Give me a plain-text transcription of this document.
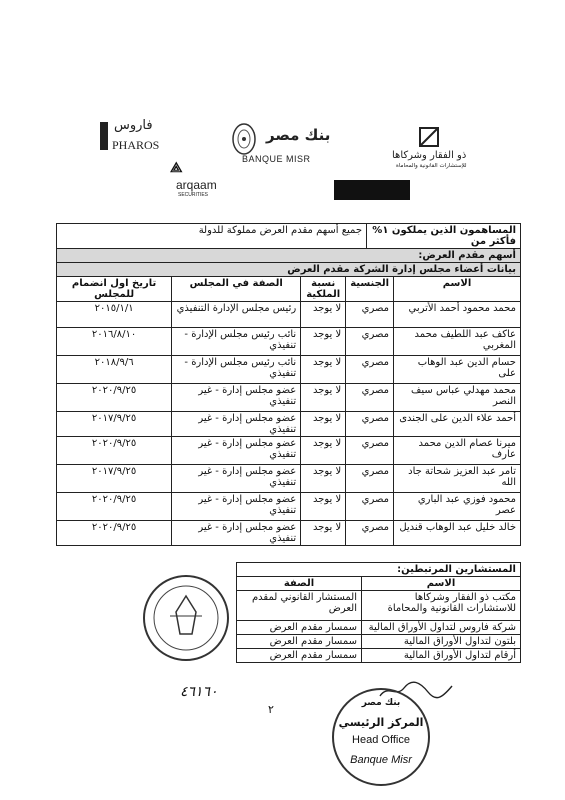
فاروس
PHAROS
بنك مصر
BANQUE MISR	ذو الفقار وشركاها
للإستشارات القانونية والمحاماة
⟁
arqaam
SECURITIES
المساهمون الذين يملكون ١% فأكثر من	جميع أسهم مقدم العرض مملوكة للدولة
أسهم مقدم العرض:
بيانات أعضاء مجلس إدارة الشركة مقدم العرض				
الاسم	الجنسية	نسبة الملكية	الصفة في المجلس	تاريخ اول انضمام للمجلس
محمد محمود أحمد الأتربي	مصري	لا يوجد	رئيس مجلس الإدارة التنفيذي	٢٠١٥/١/١
عاكف عبد اللطيف محمد المغربي	مصري	لا يوجد	نائب رئيس مجلس الإدارة - تنفيذي	٢٠١٦/٨/١٠
حسام الدين عبد الوهاب على	مصري	لا يوجد	نائب رئيس مجلس الإدارة - تنفيذي	٢٠١٨/٩/٦
محمد مهدلي عباس سيف النصر	مصري	لا يوجد	عضو مجلس إدارة - غير تنفيذي	٢٠٢٠/٩/٢٥
أحمد علاء الدين على الجندى	مصري	لا يوجد	عضو مجلس إدارة - غير تنفيذي	٢٠١٧/٩/٢٥
ميرنا عصام الدين محمد عارف	مصري	لا يوجد	عضو مجلس إدارة - غير تنفيذي	٢٠٢٠/٩/٢٥
تامر عبد العزيز شحاتة جاد الله	مصري	لا يوجد	عضو مجلس إدارة - غير تنفيذي	٢٠١٧/٩/٢٥
محمود فوزي عبد الباري عصر	مصري	لا يوجد	عضو مجلس إدارة - غير تنفيذي	٢٠٢٠/٩/٢٥
خالد خليل عبد الوهاب قنديل	مصري	لا يوجد	عضو مجلس إدارة - غير تنفيذي	٢٠٢٠/٩/٢٥
المستشارين المرتبطين:	
الاسم	الصفة
مكتب ذو الفقار وشركاها للاستشارات القانونية والمحاماة	المستشار القانوني لمقدم العرض
شركة فاروس لتداول الأوراق المالية	سمسار مقدم العرض
بلتون لتداول الأوراق المالية	سمسار مقدم العرض
أرقام لتداول الأوراق المالية	سمسار مقدم العرض
٢
٤٦١٦٠
بنك مصر
المركز الرئيسي
Head Office
Banque Misr
